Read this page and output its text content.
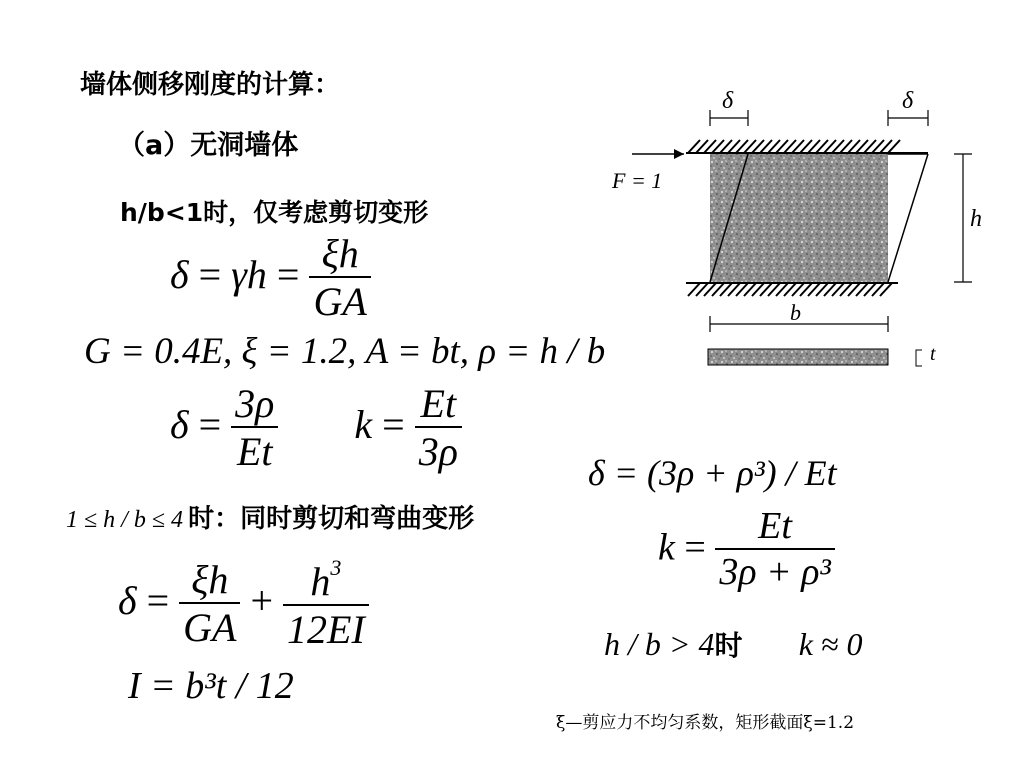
墙体侧移刚度的计算：
（a）无洞墙体
h/b<1时，仅考虑剪切变形
$\delta = \gamma h = \frac{\xi h}{GA}$
G = 0.4E, ξ = 1.2, A = bt, ρ = h / b
$\delta = \frac{3\rho}{Et}$ $k = \frac{Et}{3\rho}$
1 ≤ h / b ≤ 4 时：同时剪切和弯曲变形
$\delta = \frac{\xi h}{GA} + \frac{h^3}{12EI}$
I = b³t / 12
δ = (3ρ + ρ³) / Et
$k = \frac{Et}{\text{3ρ + ρ³}}$
h / b > 4时 k ≈ 0
ξ—剪应力不均匀系数，矩形截面ξ=1.2
F = 1
δ	δ
h
b
t
